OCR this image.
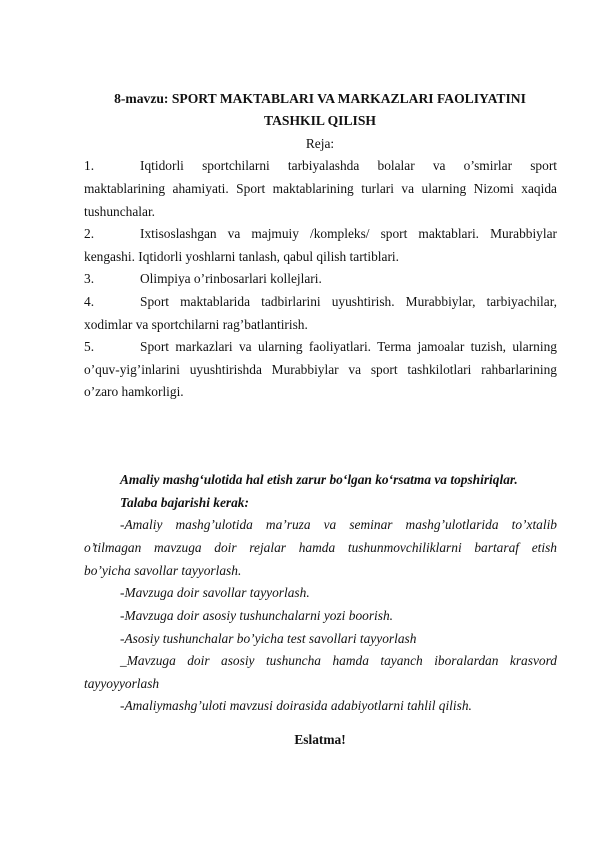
8-mavzu: SPORT MAKTABLARI VA MARKAZLARI FAOLIYATINI
TASHKIL QILISH
Reja:
1.	Iqtidorli sportchilarni tarbiyalashda bolalar va o’smirlar sport
maktablarining ahamiyati. Sport maktablarining turlari va ularning Nizomi xaqida
tushunchalar.
2.	Ixtisoslashgan va majmuiy /kompleks/ sport maktablari. Murabbiylar
kengashi. Iqtidorli yoshlarni tanlash, qabul qilish tartiblari.
3.	Olimpiya o’rinbosarlari kollejlari.
4.	Sport maktablarida tadbirlarini uyushtirish. Murabbiylar, tarbiyachilar,
xodimlar va sportchilarni rag’batlantirish.
5.	Sport markazlari va ularning faoliyatlari. Terma jamoalar tuzish, ularning
o’quv-yig’inlarini uyushtirishda Murabbiylar va sport tashkilotlari rahbarlarining
o’zaro hamkorligi.
Amaliy mashg‘ulotida hal etish zarur bo‘lgan ko‘rsatma va topshiriqlar.
Talaba bajarishi kerak:
-Amaliy mashg’ulotida ma’ruza va seminar mashg’ulotlarida to’xtalib
o’tilmagan mavzuga doir rejalar hamda tushunmovchiliklarni bartaraf etish
bo’yicha savollar tayyorlash.
-Mavzuga doir savollar tayyorlash.
-Mavzuga doir asosiy tushunchalarni yozi boorish.
-Asosiy tushunchalar bo’yicha test savollari tayyorlash
_Mavzuga doir asosiy tushuncha hamda tayanch iboralardan krasvord
tayyoyyorlash
-Amaliymashg’uloti mavzusi doirasida adabiyotlarni tahlil qilish.
Eslatma!
